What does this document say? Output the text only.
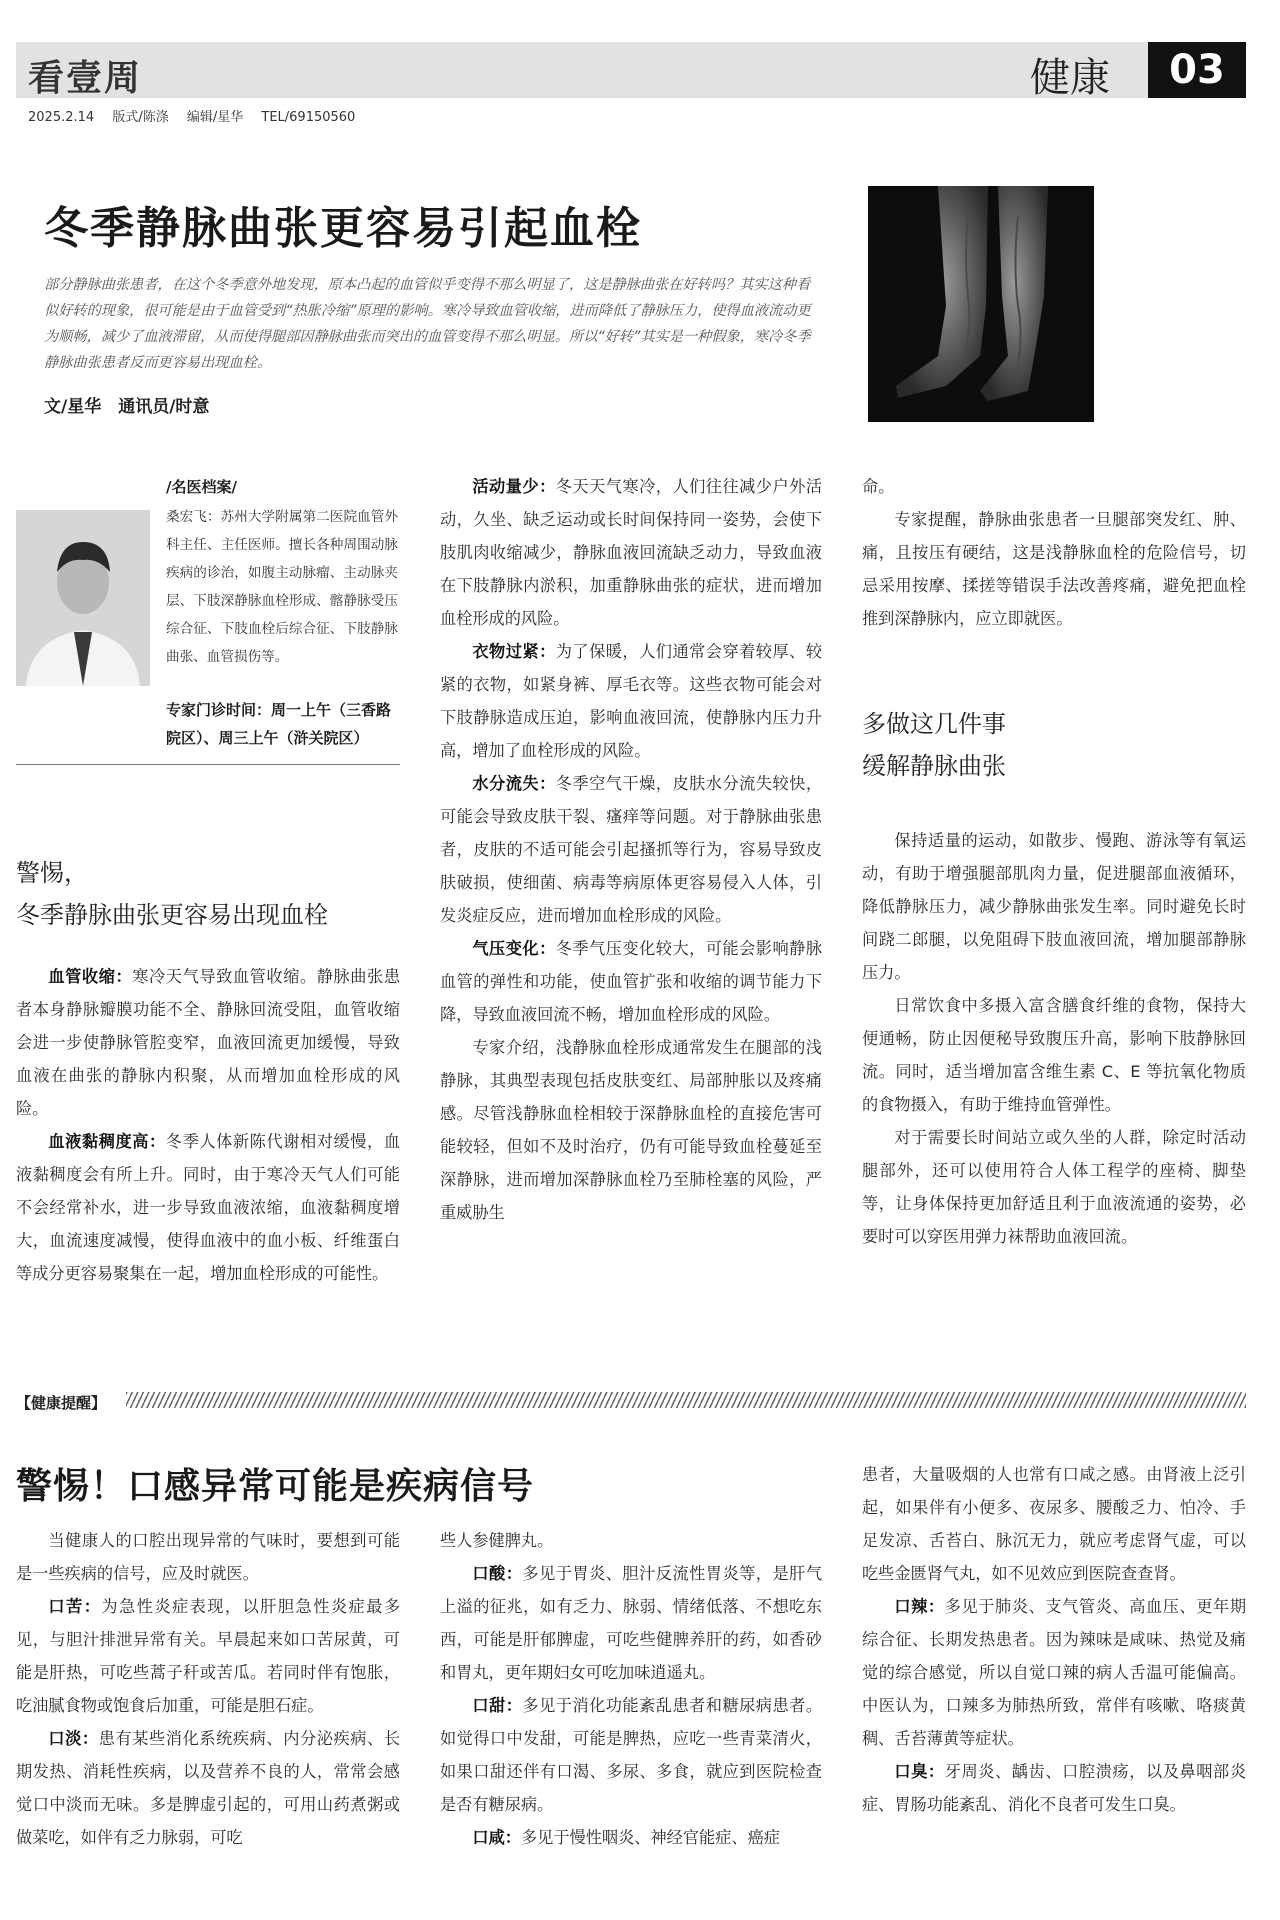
看壹周	健康	03
2025.2.14 版式/陈涤 编辑/星华 TEL/69150560
冬季静脉曲张更容易引起血栓
部分静脉曲张患者，在这个冬季意外地发现，原本凸起的血管似乎变得不那么明显了，这是静脉曲张在好转吗？其实这种看似好转的现象，很可能是由于血管受到“热胀冷缩”原理的影响。寒冷导致血管收缩，进而降低了静脉压力，使得血液流动更为顺畅，减少了血液滞留，从而使得腿部因静脉曲张而突出的血管变得不那么明显。所以“好转”其实是一种假象，寒冷冬季静脉曲张患者反而更容易出现血栓。
文/星华　通讯员/时意
/名医档案/
桑宏飞：苏州大学附属第二医院血管外科主任、主任医师。擅长各种周围动脉疾病的诊治，如腹主动脉瘤、主动脉夹层、下肢深静脉血栓形成、髂静脉受压综合征、下肢血栓后综合征、下肢静脉曲张、血管损伤等。
专家门诊时间：周一上午（三香路院区）、周三上午（浒关院区）
警惕，
冬季静脉曲张更容易出现血栓

血管收缩：寒冷天气导致血管收缩。静脉曲张患者本身静脉瓣膜功能不全、静脉回流受阻，血管收缩会进一步使静脉管腔变窄，血液回流更加缓慢，导致血液在曲张的静脉内积聚，从而增加血栓形成的风险。

血液黏稠度高：冬季人体新陈代谢相对缓慢，血液黏稠度会有所上升。同时，由于寒冷天气人们可能不会经常补水，进一步导致血液浓缩，血液黏稠度增大，血流速度减慢，使得血液中的血小板、纤维蛋白等成分更容易聚集在一起，增加血栓形成的可能性。

活动量少：冬天天气寒冷，人们往往减少户外活动，久坐、缺乏运动或长时间保持同一姿势，会使下肢肌肉收缩减少，静脉血液回流缺乏动力，导致血液在下肢静脉内淤积，加重静脉曲张的症状，进而增加血栓形成的风险。

衣物过紧：为了保暖，人们通常会穿着较厚、较紧的衣物，如紧身裤、厚毛衣等。这些衣物可能会对下肢静脉造成压迫，影响血液回流，使静脉内压力升高，增加了血栓形成的风险。

水分流失：冬季空气干燥，皮肤水分流失较快，可能会导致皮肤干裂、瘙痒等问题。对于静脉曲张患者，皮肤的不适可能会引起搔抓等行为，容易导致皮肤破损，使细菌、病毒等病原体更容易侵入人体，引发炎症反应，进而增加血栓形成的风险。

气压变化：冬季气压变化较大，可能会影响静脉血管的弹性和功能，使血管扩张和收缩的调节能力下降，导致血液回流不畅，增加血栓形成的风险。

专家介绍，浅静脉血栓形成通常发生在腿部的浅静脉，其典型表现包括皮肤变红、局部肿胀以及疼痛感。尽管浅静脉血栓相较于深静脉血栓的直接危害可能较轻，但如不及时治疗，仍有可能导致血栓蔓延至深静脉，进而增加深静脉血栓乃至肺栓塞的风险，严重威胁生

命。

专家提醒，静脉曲张患者一旦腿部突发红、肿、痛，且按压有硬结，这是浅静脉血栓的危险信号，切忌采用按摩、揉搓等错误手法改善疼痛，避免把血栓推到深静脉内，应立即就医。

多做这几件事
缓解静脉曲张

保持适量的运动，如散步、慢跑、游泳等有氧运动，有助于增强腿部肌肉力量，促进腿部血液循环，降低静脉压力，减少静脉曲张发生率。同时避免长时间跷二郎腿，以免阻碍下肢血液回流，增加腿部静脉压力。

日常饮食中多摄入富含膳食纤维的食物，保持大便通畅，防止因便秘导致腹压升高，影响下肢静脉回流。同时，适当增加富含维生素 C、E 等抗氧化物质的食物摄入，有助于维持血管弹性。

对于需要长时间站立或久坐的人群，除定时活动腿部外，还可以使用符合人体工程学的座椅、脚垫等，让身体保持更加舒适且利于血液流通的姿势，必要时可以穿医用弹力袜帮助血液回流。

【健康提醒】
警惕！口感异常可能是疾病信号

当健康人的口腔出现异常的气味时，要想到可能是一些疾病的信号，应及时就医。

口苦：为急性炎症表现，以肝胆急性炎症最多见，与胆汁排泄异常有关。早晨起来如口苦尿黄，可能是肝热，可吃些蒿子秆或苦瓜。若同时伴有饱胀，吃油腻食物或饱食后加重，可能是胆石症。

口淡：患有某些消化系统疾病、内分泌疾病、长期发热、消耗性疾病，以及营养不良的人，常常会感觉口中淡而无味。多是脾虚引起的，可用山药煮粥或做菜吃，如伴有乏力脉弱，可吃

些人参健脾丸。

口酸：多见于胃炎、胆汁反流性胃炎等，是肝气上溢的征兆，如有乏力、脉弱、情绪低落、不想吃东西，可能是肝郁脾虚，可吃些健脾养肝的药，如香砂和胃丸，更年期妇女可吃加味逍遥丸。

口甜：多见于消化功能紊乱患者和糖尿病患者。如觉得口中发甜，可能是脾热，应吃一些青菜清火，如果口甜还伴有口渴、多尿、多食，就应到医院检查是否有糖尿病。

口咸：多见于慢性咽炎、神经官能症、癌症

患者，大量吸烟的人也常有口咸之感。由肾液上泛引起，如果伴有小便多、夜尿多、腰酸乏力、怕冷、手足发凉、舌苔白、脉沉无力，就应考虑肾气虚，可以吃些金匮肾气丸，如不见效应到医院查查肾。

口辣：多见于肺炎、支气管炎、高血压、更年期综合征、长期发热患者。因为辣味是咸味、热觉及痛觉的综合感觉，所以自觉口辣的病人舌温可能偏高。中医认为，口辣多为肺热所致，常伴有咳嗽、咯痰黄稠、舌苔薄黄等症状。

口臭：牙周炎、龋齿、口腔溃疡，以及鼻咽部炎症、胃肠功能紊乱、消化不良者可发生口臭。
